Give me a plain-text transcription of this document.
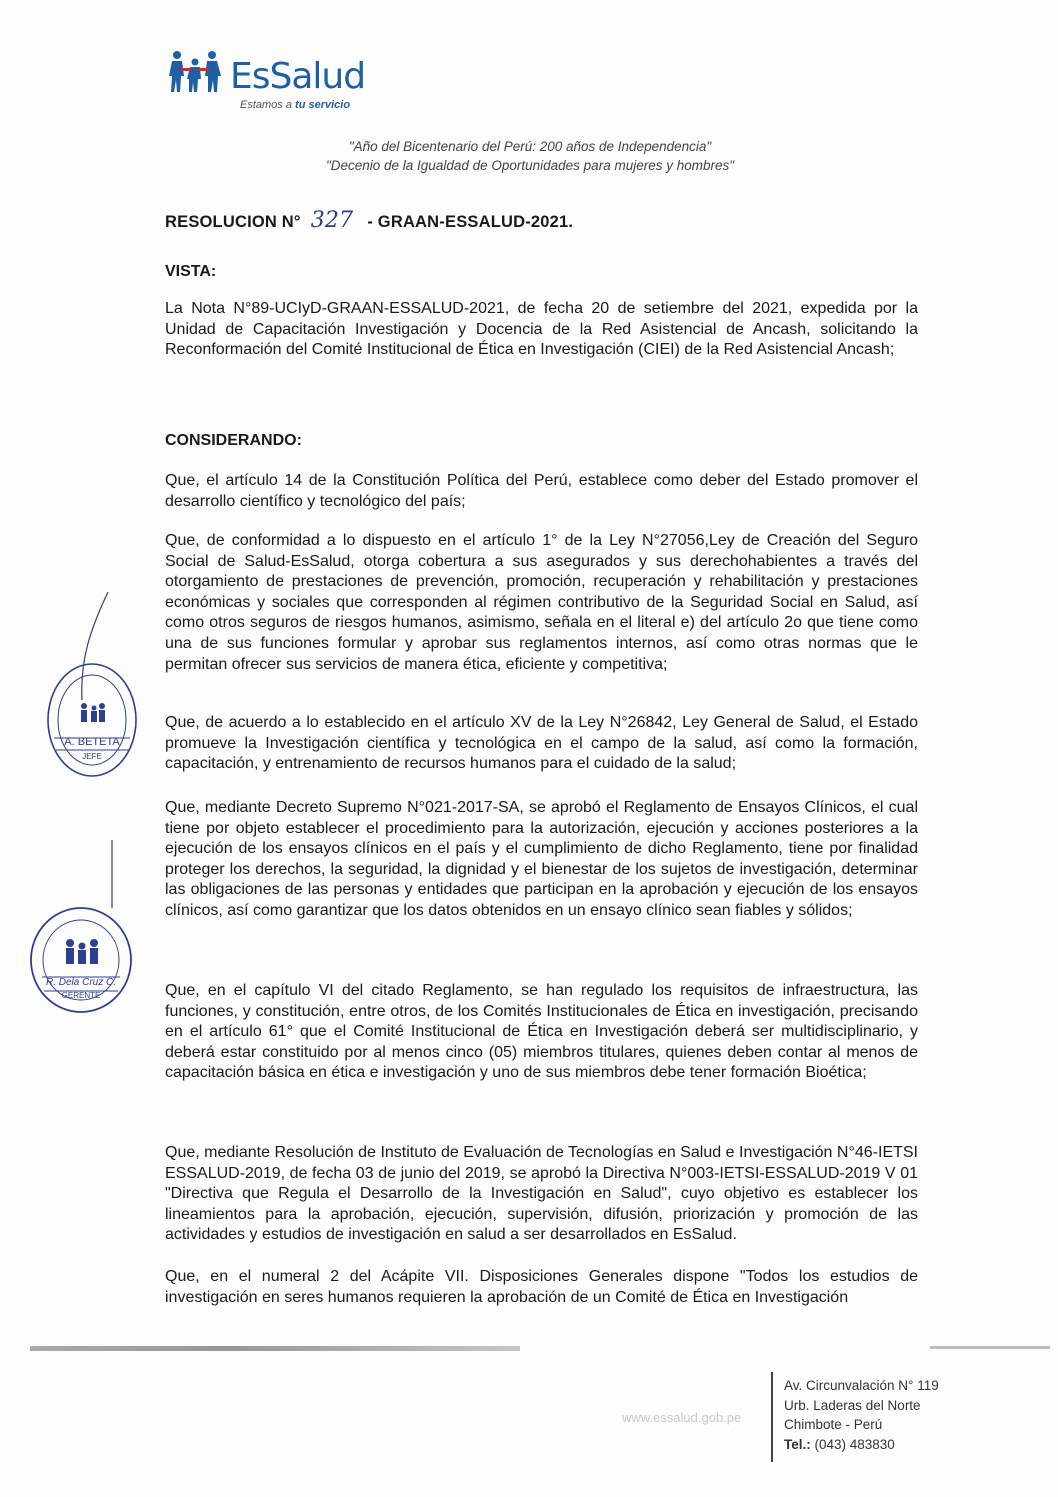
EsSalud
Estamos a tu servicio
"Año del Bicentenario del Perú: 200 años de Independencia"
"Decenio de la Igualdad de Oportunidades para mujeres y hombres"
RESOLUCION N° 327 - GRAAN-ESSALUD-2021.
VISTA:
La Nota N°89-UCIyD-GRAAN-ESSALUD-2021, de fecha 20 de setiembre del 2021, expedida por la Unidad de Capacitación Investigación y Docencia de la Red Asistencial de Ancash, solicitando la Reconformación del Comité Institucional de Ética en Investigación (CIEI) de la Red Asistencial Ancash;
CONSIDERANDO:
Que, el artículo 14 de la Constitución Política del Perú, establece como deber del Estado promover el desarrollo científico y tecnológico del país;
Que, de conformidad a lo dispuesto en el artículo 1° de la Ley N°27056,Ley de Creación del Seguro Social de Salud-EsSalud, otorga cobertura a sus asegurados y sus derechohabientes a través del otorgamiento de prestaciones de prevención, promoción, recuperación y rehabilitación y prestaciones económicas y sociales que corresponden al régimen contributivo de la Seguridad Social en Salud, así como otros seguros de riesgos humanos, asimismo, señala en el literal e) del artículo 2o que tiene como una de sus funciones formular y aprobar sus reglamentos internos, así como otras normas que le permitan ofrecer sus servicios de manera ética, eficiente y competitiva;
Que, de acuerdo a lo establecido en el artículo XV de la Ley N°26842, Ley General de Salud, el Estado promueve la Investigación científica y tecnológica en el campo de la salud, así como la formación, capacitación, y entrenamiento de recursos humanos para el cuidado de la salud;
Que, mediante Decreto Supremo N°021-2017-SA, se aprobó el Reglamento de Ensayos Clínicos, el cual tiene por objeto establecer el procedimiento para la autorización, ejecución y acciones posteriores a la ejecución de los ensayos clínicos en el país y el cumplimiento de dicho Reglamento, tiene por finalidad proteger los derechos, la seguridad, la dignidad y el bienestar de los sujetos de investigación, determinar las obligaciones de las personas y entidades que participan en la aprobación y ejecución de los ensayos clínicos, así como garantizar que los datos obtenidos en un ensayo clínico sean fiables y sólidos;
Que, en el capítulo VI del citado Reglamento, se han regulado los requisitos de infraestructura, las funciones, y constitución, entre otros, de los Comités Institucionales de Ética en investigación, precisando en el artículo 61° que el Comité Institucional de Ética en Investigación deberá ser multidisciplinario, y deberá estar constituido por al menos cinco (05) miembros titulares, quienes deben contar al menos de capacitación básica en ética e investigación y uno de sus miembros debe tener formación Bioética;
Que, mediante Resolución de Instituto de Evaluación de Tecnologías en Salud e Investigación N°46-IETSI ESSALUD-2019, de fecha 03 de junio del 2019, se aprobó la Directiva N°003-IETSI-ESSALUD-2019 V 01 "Directiva que Regula el Desarrollo de la Investigación en Salud", cuyo objetivo es establecer los lineamientos para la aprobación, ejecución, supervisión, difusión, priorización y promoción de las actividades y estudios de investigación en salud a ser desarrollados en EsSalud.
Que, en el numeral 2 del Acápite VII. Disposiciones Generales dispone "Todos los estudios de investigación en seres humanos requieren la aprobación de un Comité de Ética en Investigación
A. BETETA
JEFE
R. Dela Cruz C.
GERENTE
www.essalud.gob.pe
Av. Circunvalación N° 119
Urb. Laderas del Norte
Chimbote - Perú
Tel.: (043) 483830
